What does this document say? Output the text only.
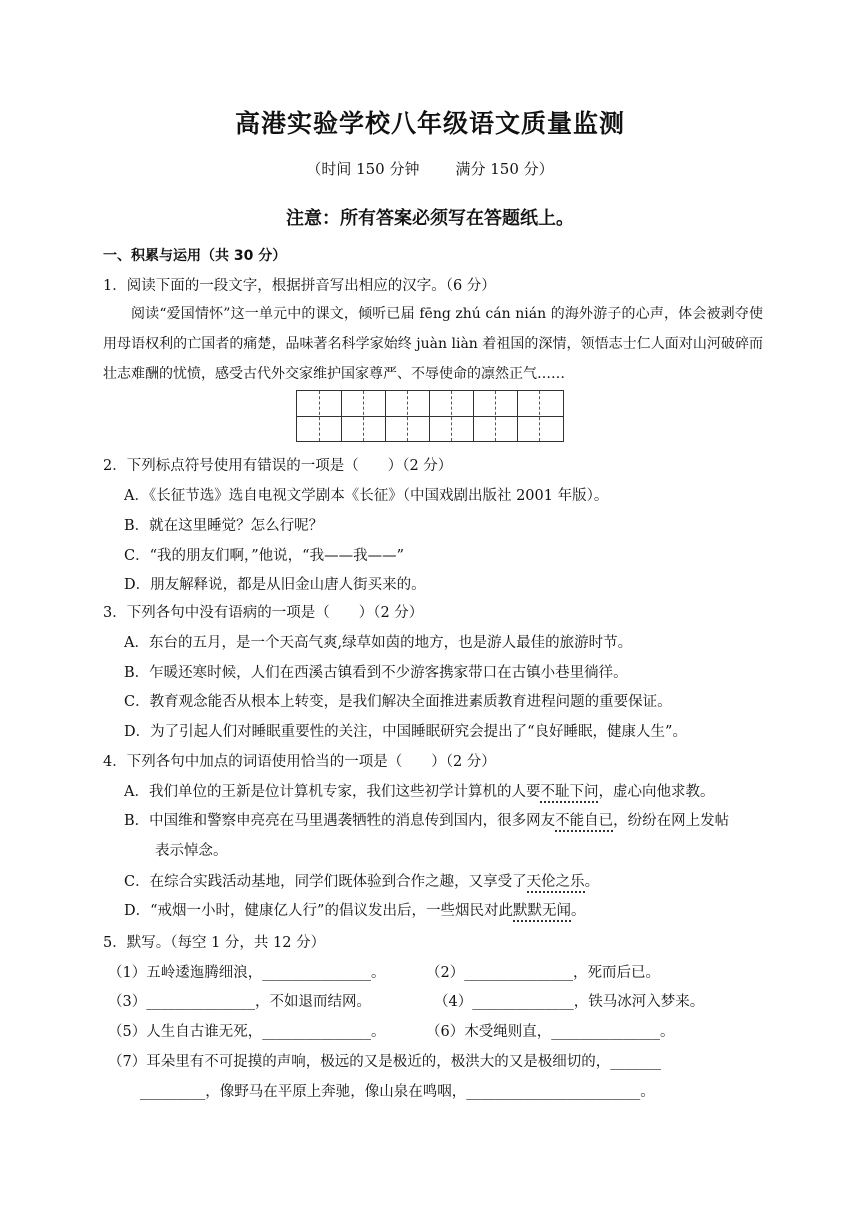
高港实验学校八年级语文质量监测
（时间 150 分钟 满分 150 分）
注意：所有答案必须写在答题纸上。
一、积累与运用（共 30 分）
1．阅读下面的一段文字，根据拼音写出相应的汉字。（6 分）
阅读“爱国情怀”这一单元中的课文，倾听已届 fēng zhú cán nián 的海外游子的心声，体会被剥夺使用母语权利的亡国者的痛楚，品味著名科学家始终 juàn liàn 着祖国的深情，领悟志士仁人面对山河破碎而壮志难酬的忧愤，感受古代外交家维护国家尊严、不辱使命的凛然正气……
2．下列标点符号使用有错误的一项是（　　）（2 分）
A．《长征节选》选自电视文学剧本《长征》（中国戏剧出版社 2001 年版）。
B．就在这里睡觉？怎么行呢？
C．“我的朋友们啊，”他说，“我——我——”
D．朋友解释说，都是从旧金山唐人街买来的。
3．下列各句中没有语病的一项是（　　）（2 分）
A．东台的五月，是一个天高气爽,绿草如茵的地方，也是游人最佳的旅游时节。
B．乍暖还寒时候，人们在西溪古镇看到不少游客携家带口在古镇小巷里徜徉。
C．教育观念能否从根本上转变，是我们解决全面推进素质教育进程问题的重要保证。
D．为了引起人们对睡眠重要性的关注，中国睡眠研究会提出了“良好睡眠，健康人生”。
4．下列各句中加点的词语使用恰当的一项是（　　）（2 分）
A．我们单位的王新是位计算机专家，我们这些初学计算机的人要不耻下问，虚心向他求教。
B．中国维和警察申亮亮在马里遇袭牺牲的消息传到国内，很多网友不能自已，纷纷在网上发帖
表示悼念。
C．在综合实践活动基地，同学们既体验到合作之趣，又享受了天伦之乐。
D．“戒烟一小时，健康亿人行”的倡议发出后，一些烟民对此默默无闻。
5．默写。（每空 1 分，共 12 分）
（1）五岭逶迤腾细浪，_______________。	（2）_______________，死而后已。
（3）_______________，不如退而结网。	（4）______________，铁马冰河入梦来。
（5）人生自古谁无死，_______________。	（6）木受绳则直，_______________。
（7）耳朵里有不可捉摸的声响，极远的又是极近的，极洪大的又是极细切的，_______
_________，像野马在平原上奔驰，像山泉在鸣咽，________________________。
